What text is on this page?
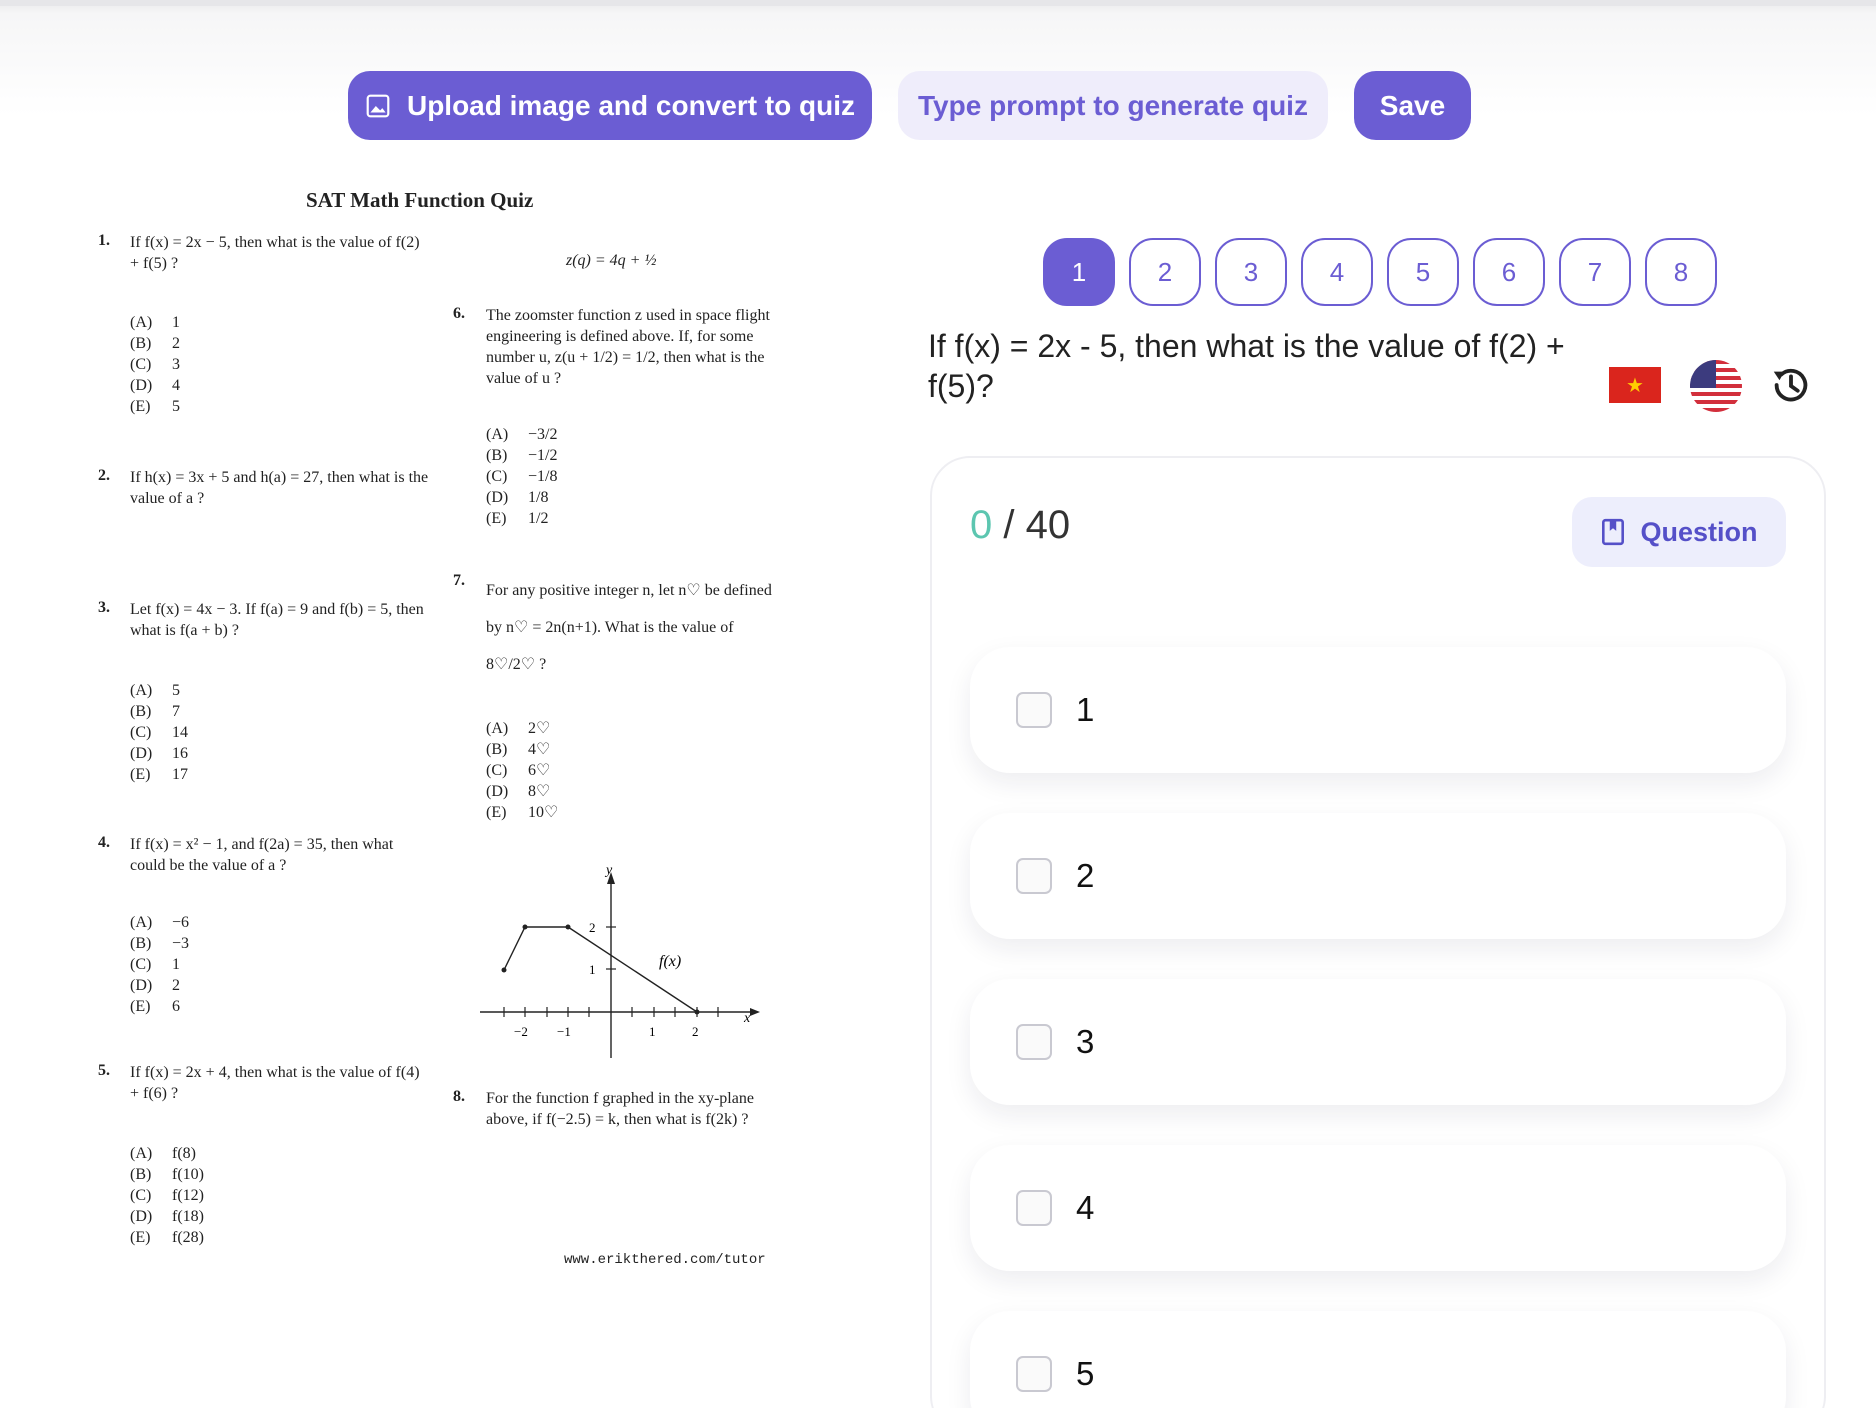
Upload image and convert to quiz	Type prompt to generate quiz	Save
SAT Math Function Quiz
1. If f(x) = 2x − 5, then what is the value of f(2) + f(5) ?
(A)	1
(B)	2
(C)	3
(D)	4
(E)	5
2. If h(x) = 3x + 5 and h(a) = 27, then what is the value of a ?
3. Let f(x) = 4x − 3. If f(a) = 9 and f(b) = 5, then what is f(a + b) ?
(A)	5
(B)	7
(C)	14
(D)	16
(E)	17
4. If f(x) = x² − 1, and f(2a) = 35, then what could be the value of a ?
(A)	−6
(B)	−3
(C)	1
(D)	2
(E)	6
5. If f(x) = 2x + 4, then what is the value of f(4) + f(6) ?
(A)	f(8)
(B)	f(10)
(C)	f(12)
(D)	f(18)
(E)	f(28)
z(q) = 4q + ½
6. The zoomster function z used in space flight engineering is defined above. If, for some number u, z(u + 1/2) = 1/2, then what is the value of u ?
(A)	−3/2
(B)	−1/2
(C)	−1/8
(D)	1/8
(E)	1/2
7.
For any positive integer n, let n♡ be defined by n♡ = 2n(n+1). What is the value of 8♡/2♡ ?
(A)	2♡
(B)	4♡
(C)	6♡
(D)	8♡
(E)	10♡
y
x
f(x)
−2 −1	1	2
1
2
8. For the function f graphed in the xy-plane above, if f(−2.5) = k, then what is f(2k) ?
www.erikthered.com/tutor
1	2	3	4	5	6	7	8
If f(x) = 2x - 5, then what is the value of f(2) + f(5)?	★
0 / 40	Question
1
2
3
4
5
